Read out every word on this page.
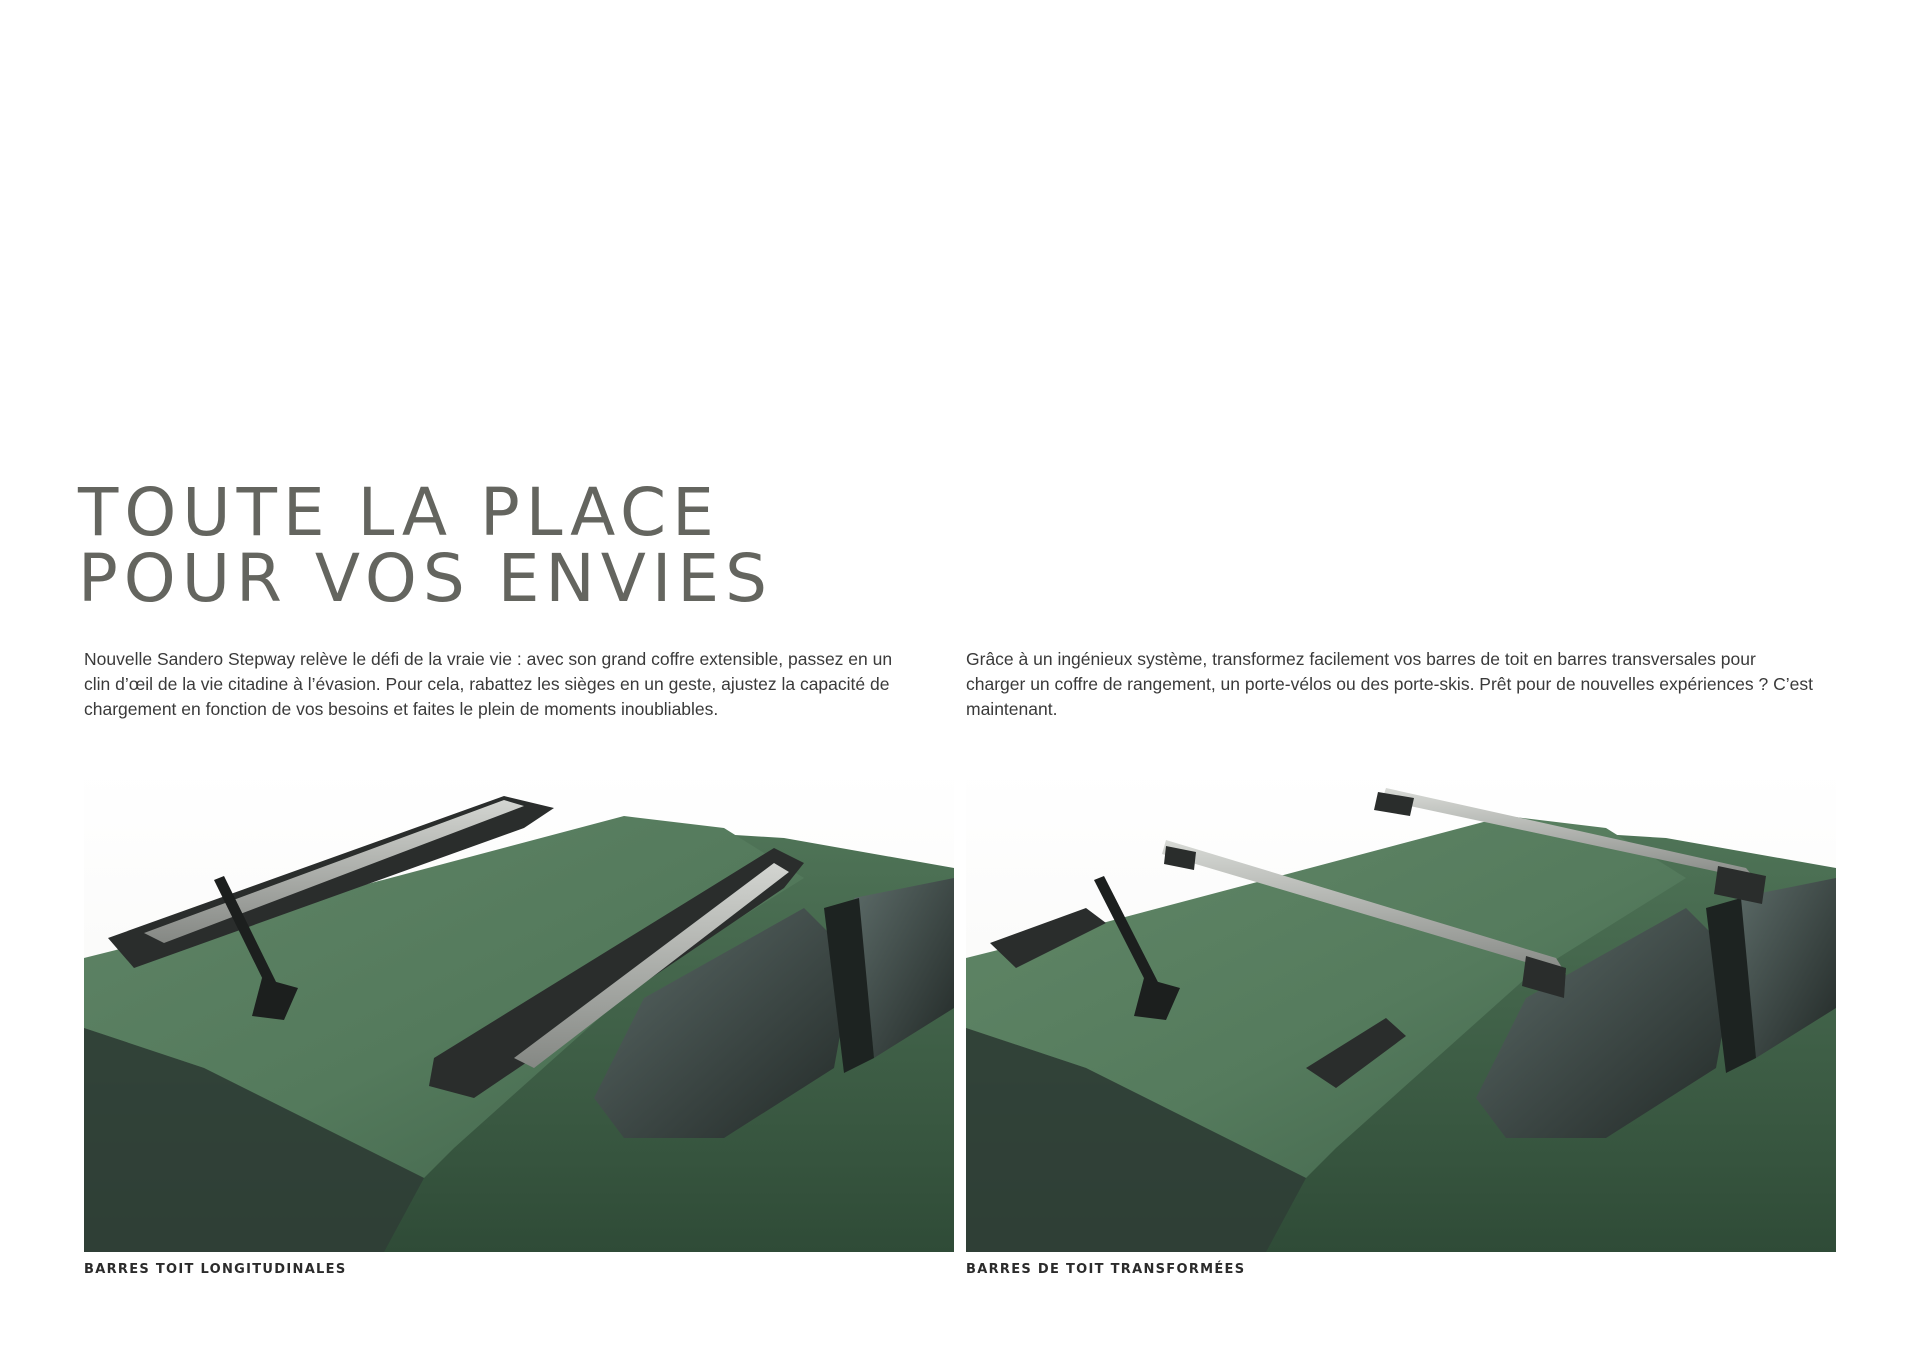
TOUTE LA PLACE
POUR VOS ENVIES

Nouvelle Sandero Stepway relève le défi de la vraie vie : avec son grand coffre extensible, passez en un clin d’œil de la vie citadine à l’évasion. Pour cela, rabattez les sièges en un geste, ajustez la capacité de chargement en fonction de vos besoins et faites le plein de moments inoubliables.

Grâce à un ingénieux système, transformez facilement vos barres de toit en barres transversales pour charger un coffre de rangement, un porte-vélos ou des porte-skis. Prêt pour de nouvelles expériences ? C’est maintenant.

BARRES TOIT LONGITUDINALES	BARRES DE TOIT TRANSFORMÉES
